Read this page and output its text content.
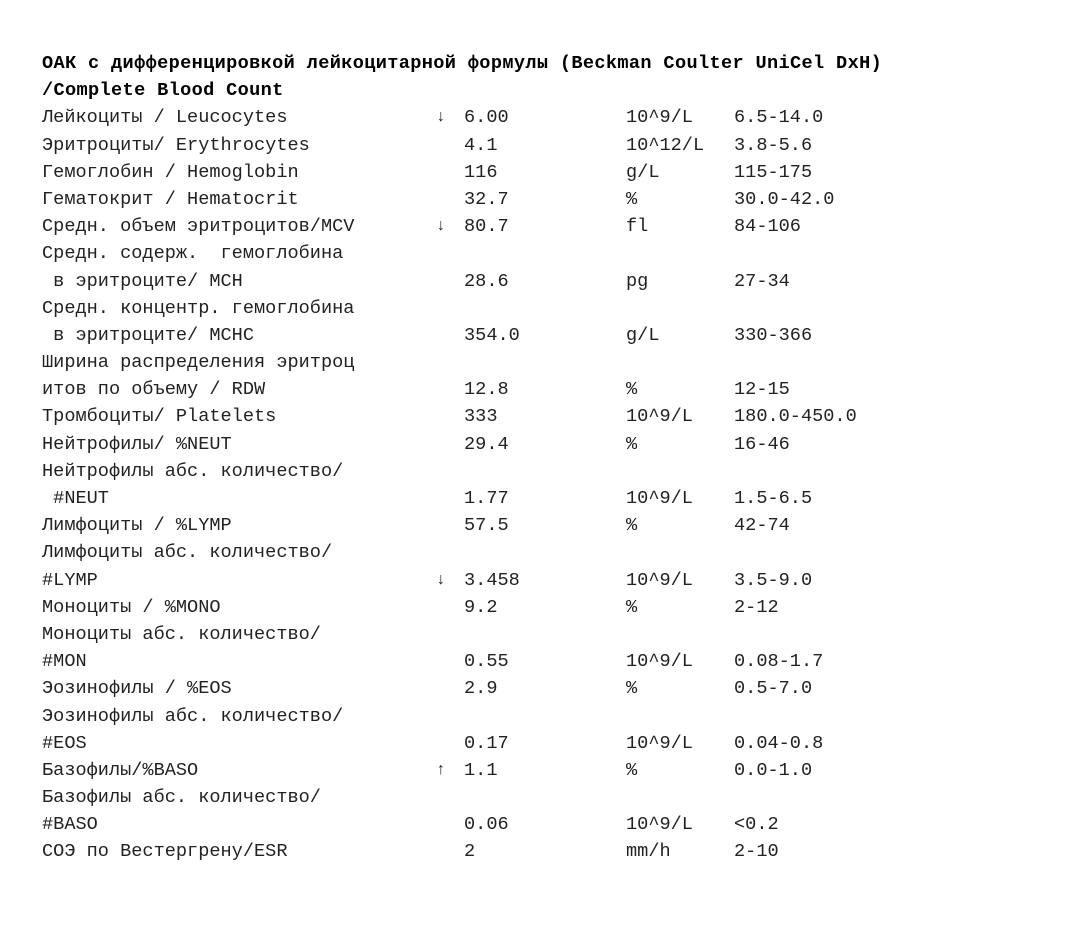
ОАК с дифференцировкой лейкоцитарной формулы (Beckman Coulter UniCel DxH)
/Complete Blood Count
Лейкоциты / Leucocytes	↓ 6.00	10^9/L 6.5-14.0
Эритроциты/ Erythrocytes	4.1	10^12/L 3.8-5.6
Гемоглобин / Hemoglobin	116	g/L	115-175
Гематокрит / Hematocrit	32.7	%	30.0-42.0
Средн. объем эритроцитов/MCV	↓ 80.7	fl	84-106
Средн. содерж.  гемоглобина
в эритроците/ MCH	28.6	pg	27-34
Средн. концентр. гемоглобина
в эритроците/ MCHC	354.0	g/L	330-366
Ширина распределения эритроц
итов по объему / RDW	12.8	%	12-15
Тромбоциты/ Platelets	333	10^9/L 180.0-450.0
Нейтрофилы/ %NEUT	29.4	%	16-46
Нейтрофилы абс. количество/
#NEUT	1.77	10^9/L 1.5-6.5
Лимфоциты / %LYMP	57.5	%	42-74
Лимфоциты абс. количество/
#LYMP	↓ 3.458	10^9/L 3.5-9.0
Моноциты / %MONO	9.2	%	2-12
Моноциты абс. количество/
#MON	0.55	10^9/L 0.08-1.7
Эозинофилы / %EOS	2.9	%	0.5-7.0
Эозинофилы абс. количество/
#EOS	0.17	10^9/L 0.04-0.8
Базофилы/%BASO	↑ 1.1	%	0.0-1.0
Базофилы абс. количество/
#BASO	0.06	10^9/L <0.2
СОЭ по Вестергрену/ESR	2	mm/h	2-10
